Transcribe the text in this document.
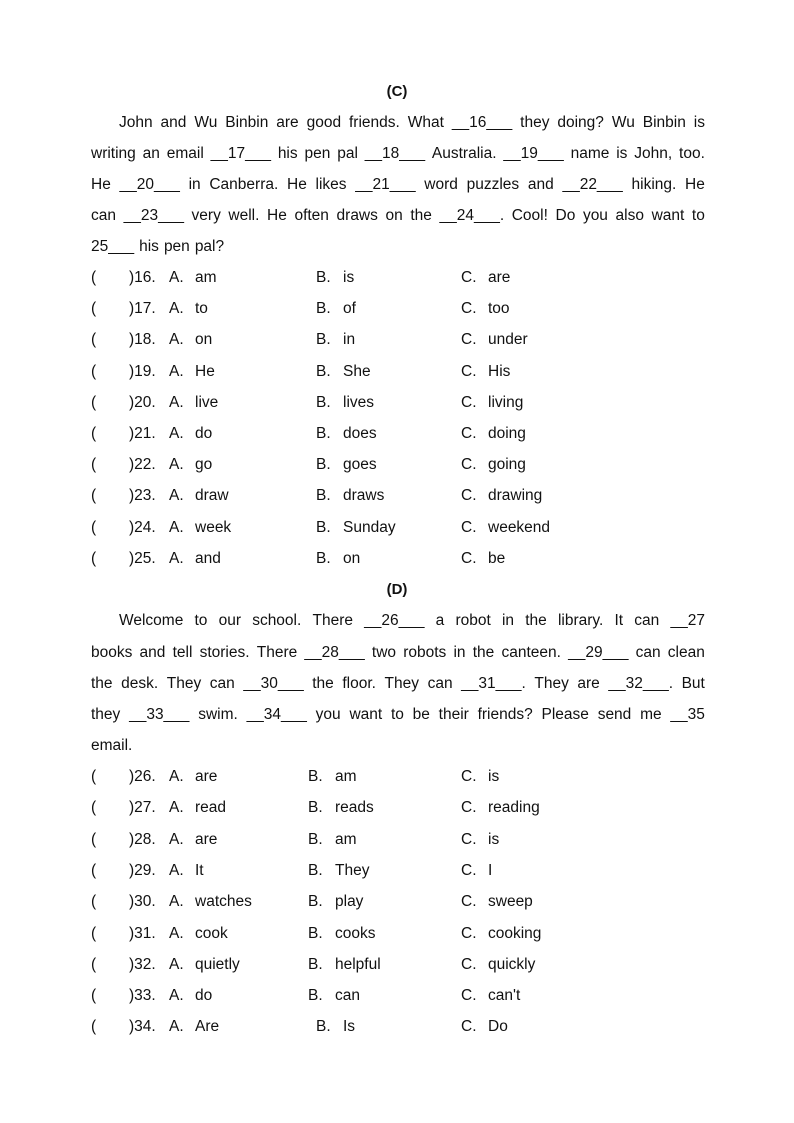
(C)
John and Wu Binbin are good friends. What __16___ they doing? Wu Binbin is
writing an email __17___ his pen pal __18___ Australia. __19___ name is John, too.
He __20___ in Canberra. He likes __21___ word puzzles and __22___ hiking. He
can __23___ very well. He often draws on the __24___. Cool! Do you also want to
25___ his pen pal?
( )16. A. am	B. is	C. are
( )17. A. to	B. of	C. too
( )18. A. on	B. in	C. under
( )19. A. He	B. She	C. His
( )20. A. live	B. lives	C. living
( )21. A. do	B. does	C. doing
( )22. A. go	B. goes	C. going
( )23. A. draw	B. draws	C. drawing
( )24. A. week	B. Sunday	C. weekend
( )25. A. and	B. on	C. be
(D)
Welcome to our school. There __26___ a robot in the library. It can __27
books and tell stories. There __28___ two robots in the canteen. __29___ can clean
the desk. They can __30___ the floor. They can __31___. They are __32___. But
they __33___ swim. __34___ you want to be their friends? Please send me __35
email.
( )26. A. are	B. am	C. is
( )27. A. read	B. reads	C. reading
( )28. A. are	B. am	C. is
( )29. A. It	B. They	C. I
( )30. A. watches	B. play	C. sweep
( )31. A. cook	B. cooks	C. cooking
( )32. A. quietly	B. helpful	C. quickly
( )33. A. do	B. can	C. can't
( )34. A. Are	B. Is	C. Do
